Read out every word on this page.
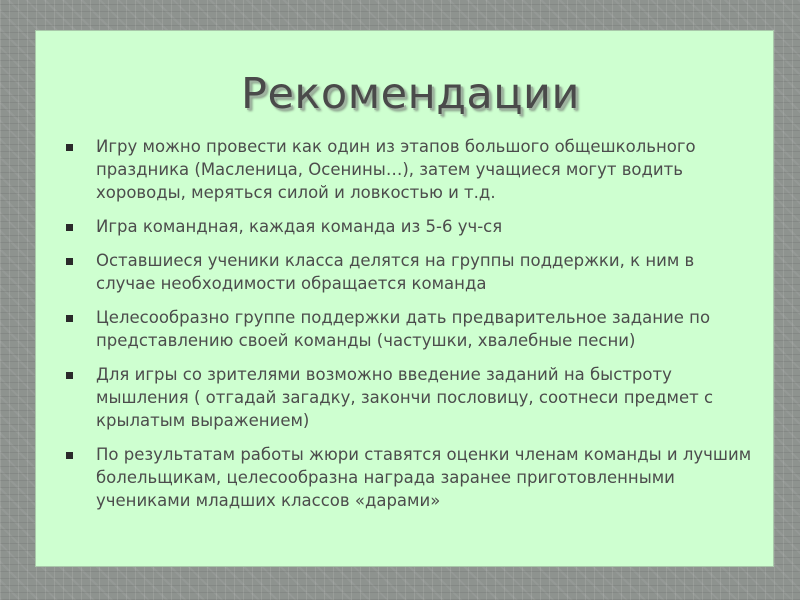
Рекомендации
Игру можно провести как один из этапов большого общешкольного праздника (Масленица, Осенины…), затем учащиеся могут водить хороводы, меряться силой и ловкостью и т.д.
Игра командная, каждая команда из 5-6 уч-ся
Оставшиеся ученики класса делятся на группы поддержки, к ним в случае необходимости обращается команда
Целесообразно группе поддержки дать предварительное задание по представлению своей команды (частушки, хвалебные песни)
Для игры со зрителями возможно введение заданий на быстроту мышления ( отгадай загадку, закончи пословицу, соотнеси предмет с крылатым выражением)
По результатам работы жюри ставятся оценки членам команды и лучшим болельщикам, целесообразна награда заранее приготовленными учениками младших классов «дарами»
